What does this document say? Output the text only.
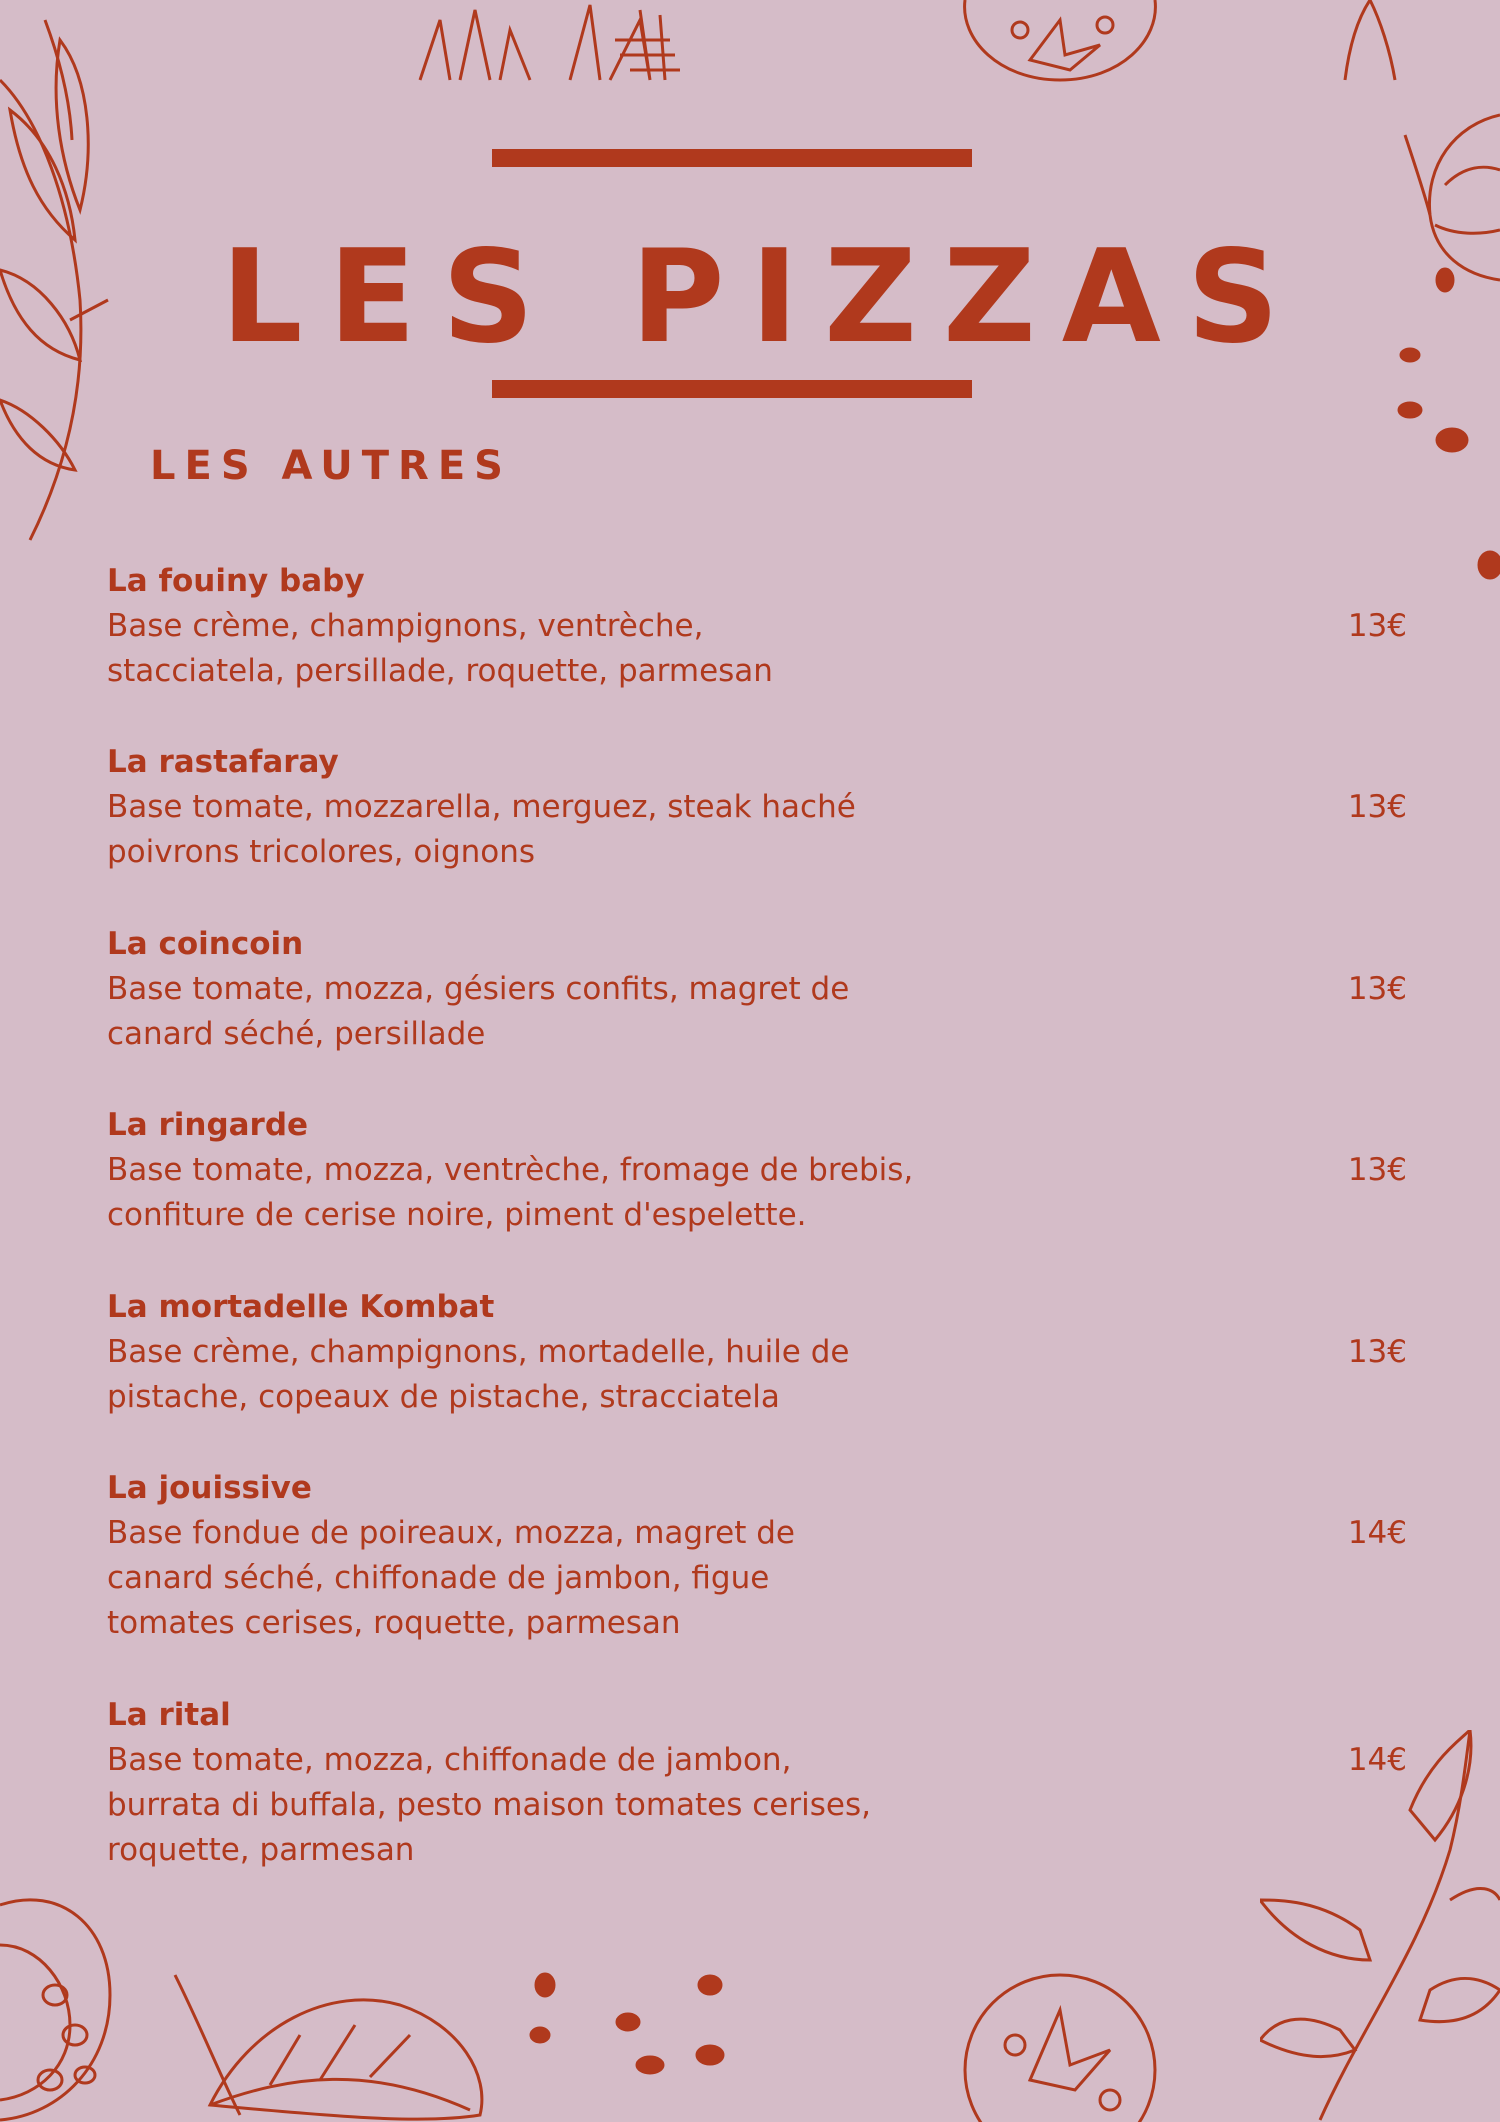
LES PIZZAS
LES AUTRES
La fouiny baby
Base crème, champignons, ventrèche,
stacciatela, persillade, roquette, parmesan
13€
La rastafaray
Base tomate, mozzarella, merguez, steak haché
poivrons tricolores, oignons
13€
La coincoin
Base tomate, mozza, gésiers confits, magret de
canard séché, persillade
13€
La ringarde
Base tomate, mozza, ventrèche, fromage de brebis,
confiture de cerise noire, piment d'espelette.
13€
La mortadelle Kombat
Base crème, champignons, mortadelle, huile de
pistache, copeaux de pistache, stracciatela
13€
La jouissive
Base fondue de poireaux, mozza, magret de
canard séché, chiffonade de jambon, figue
tomates cerises, roquette, parmesan
14€
La rital
Base tomate, mozza, chiffonade de jambon,
burrata di buffala, pesto maison tomates cerises,
roquette, parmesan
14€
